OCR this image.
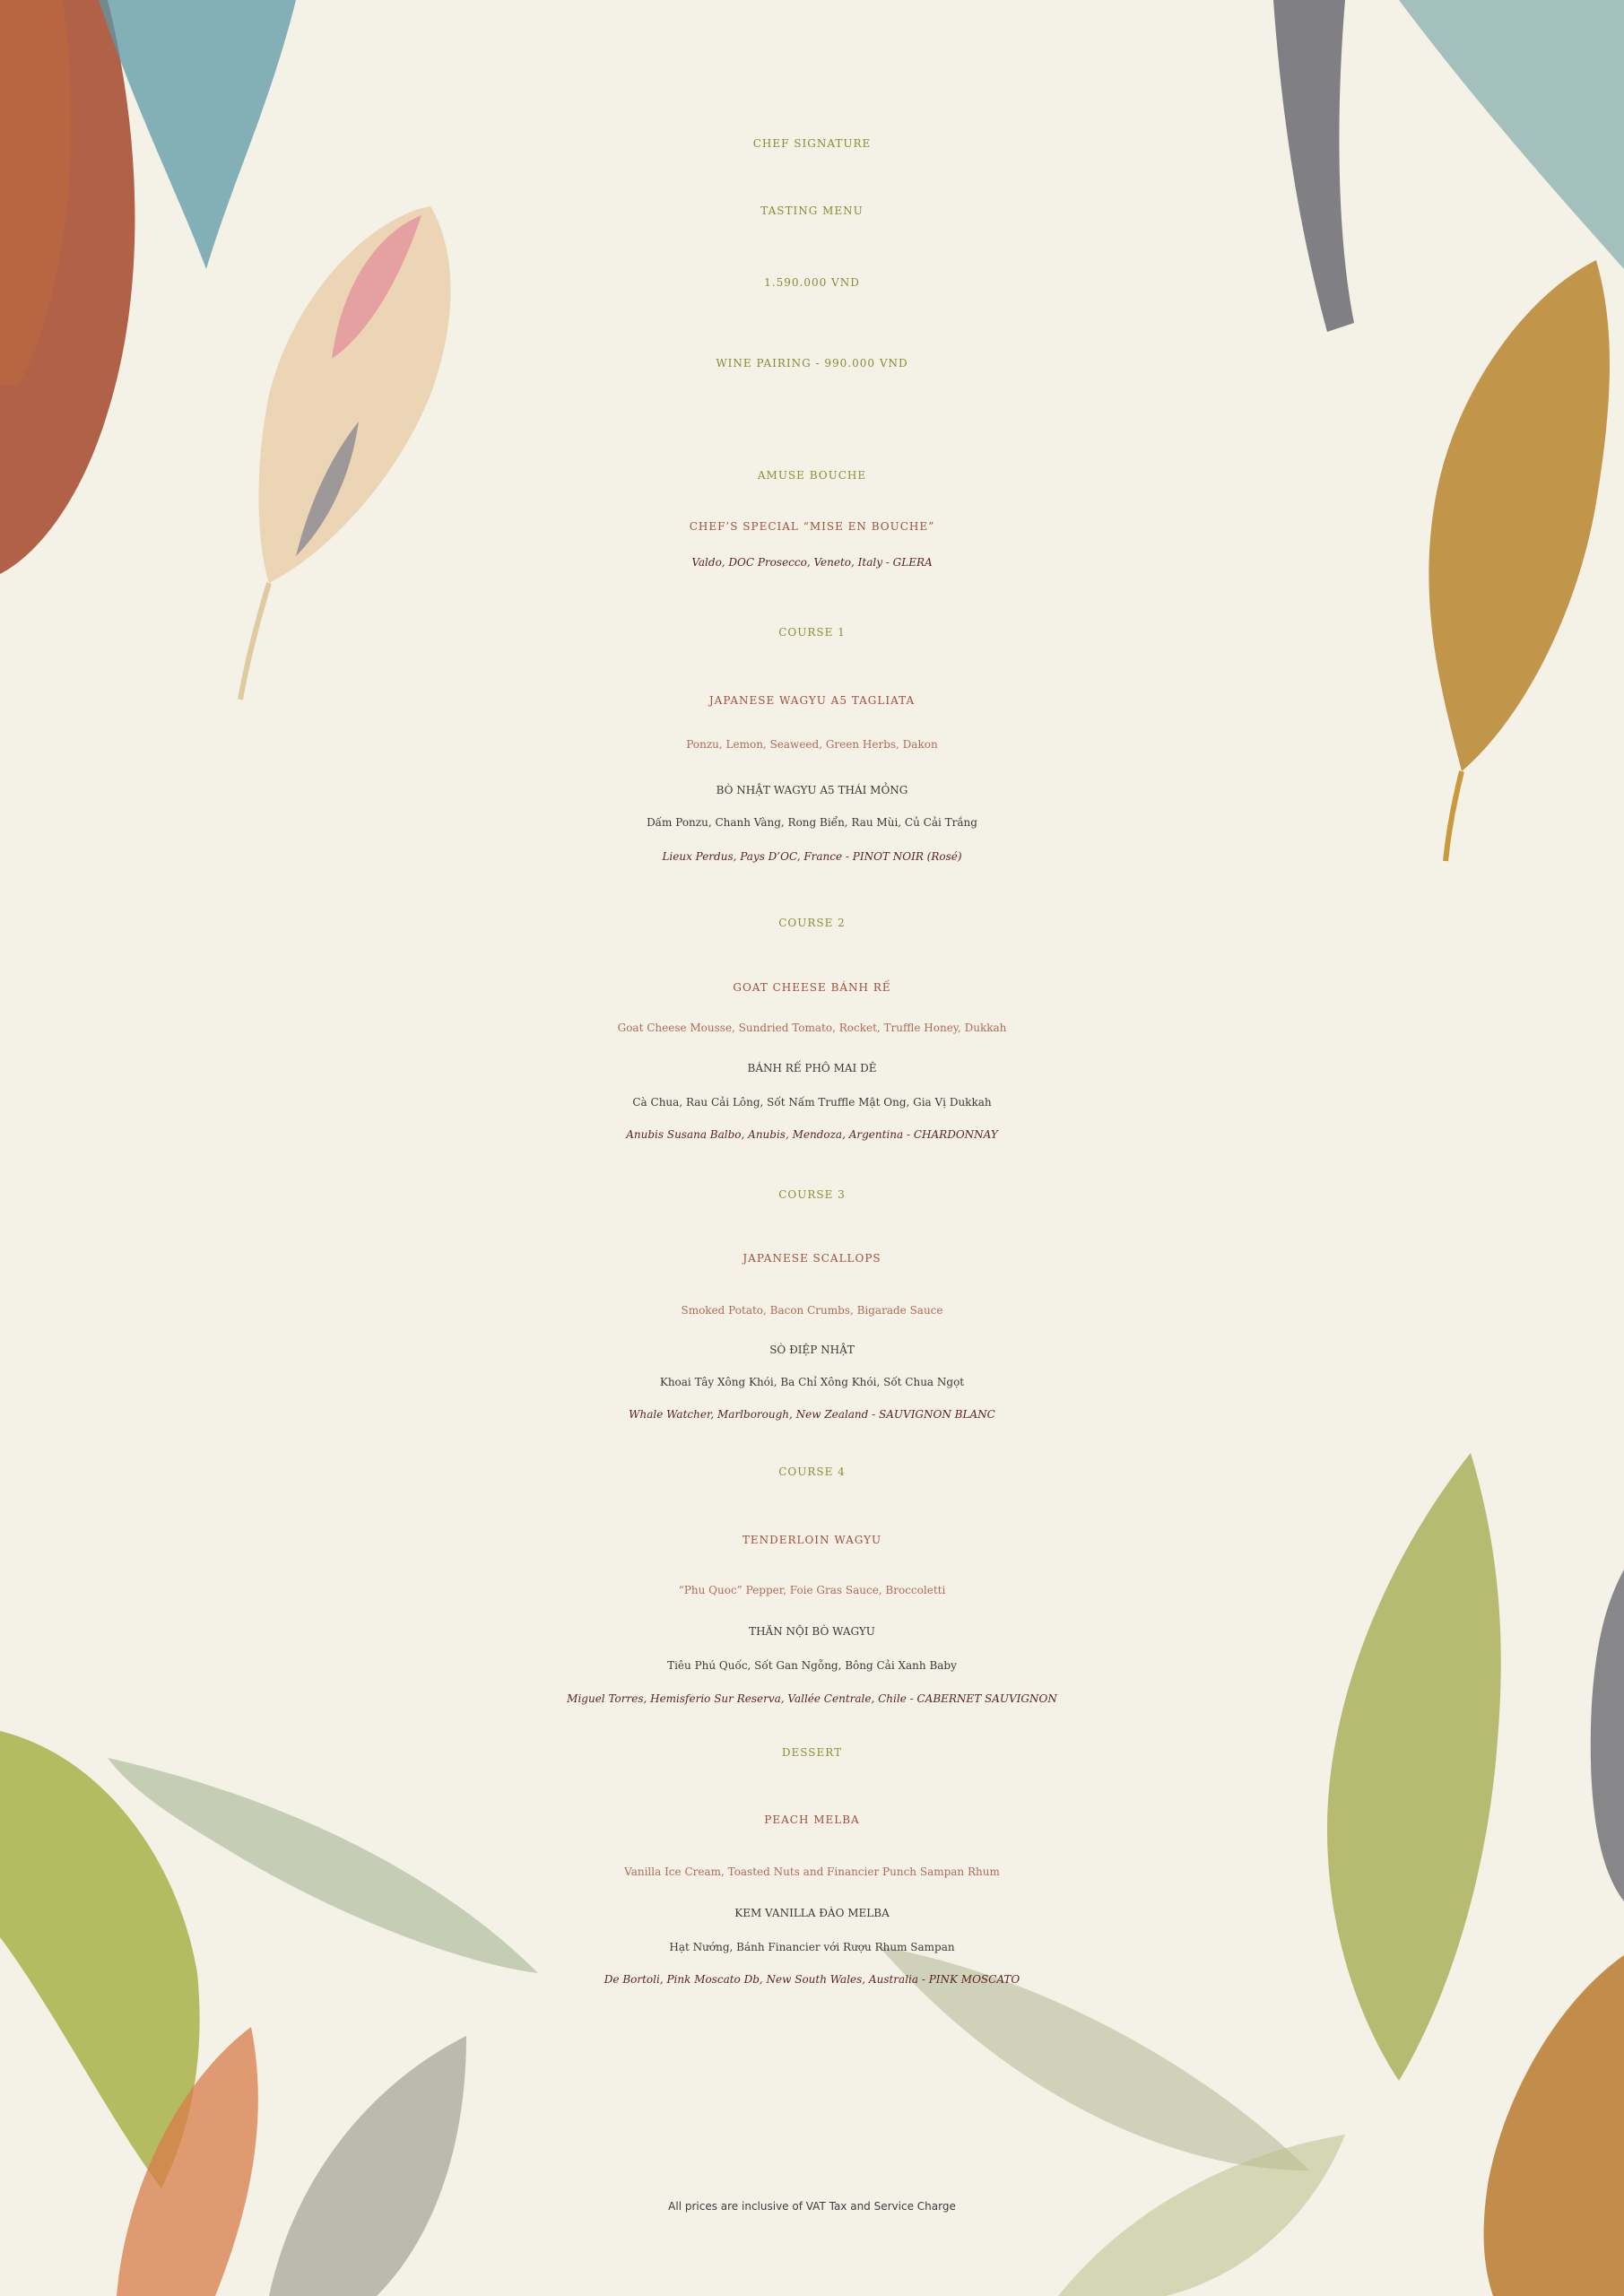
CHEF SIGNATURE
TASTING MENU
1.590.000 VND
WINE PAIRING - 990.000 VND
AMUSE BOUCHE
CHEF’S SPECIAL “MISE EN BOUCHE”
Valdo, DOC Prosecco, Veneto, Italy - GLERA
COURSE 1
JAPANESE WAGYU A5 TAGLIATA
Ponzu, Lemon, Seaweed, Green Herbs, Dakon
BÒ NHẬT WAGYU A5 THÁI MỎNG
Dấm Ponzu, Chanh Vàng, Rong Biển, Rau Mùi, Củ Cải Trắng
Lieux Perdus, Pays D’OC, France - PINOT NOIR (Rosé)
COURSE 2
GOAT CHEESE BÁNH RẾ
Goat Cheese Mousse, Sundried Tomato, Rocket, Truffle Honey, Dukkah
BÁNH RẾ PHÔ MAI DÊ
Cà Chua, Rau Cải Lông, Sốt Nấm Truffle Mật Ong, Gia Vị Dukkah
Anubis Susana Balbo, Anubis, Mendoza, Argentina - CHARDONNAY
COURSE 3
JAPANESE SCALLOPS
Smoked Potato, Bacon Crumbs, Bigarade Sauce
SÒ ĐIỆP NHẬT
Khoai Tây Xông Khói, Ba Chỉ Xông Khói, Sốt Chua Ngọt
Whale Watcher, Marlborough, New Zealand - SAUVIGNON BLANC
COURSE 4
TENDERLOIN WAGYU
“Phu Quoc” Pepper, Foie Gras Sauce, Broccoletti
THĂN NỘI BÒ WAGYU
Tiêu Phú Quốc, Sốt Gan Ngỗng, Bông Cải Xanh Baby
Miguel Torres, Hemisferio Sur Reserva, Vallée Centrale, Chile - CABERNET SAUVIGNON
DESSERT
PEACH MELBA
Vanilla Ice Cream, Toasted Nuts and Financier Punch Sampan Rhum
KEM VANILLA ĐÀO MELBA
Hạt Nướng, Bánh Financier với Rượu Rhum Sampan
De Bortoli, Pink Moscato Db, New South Wales, Australia - PINK MOSCATO
All prices are inclusive of VAT Tax and Service Charge
